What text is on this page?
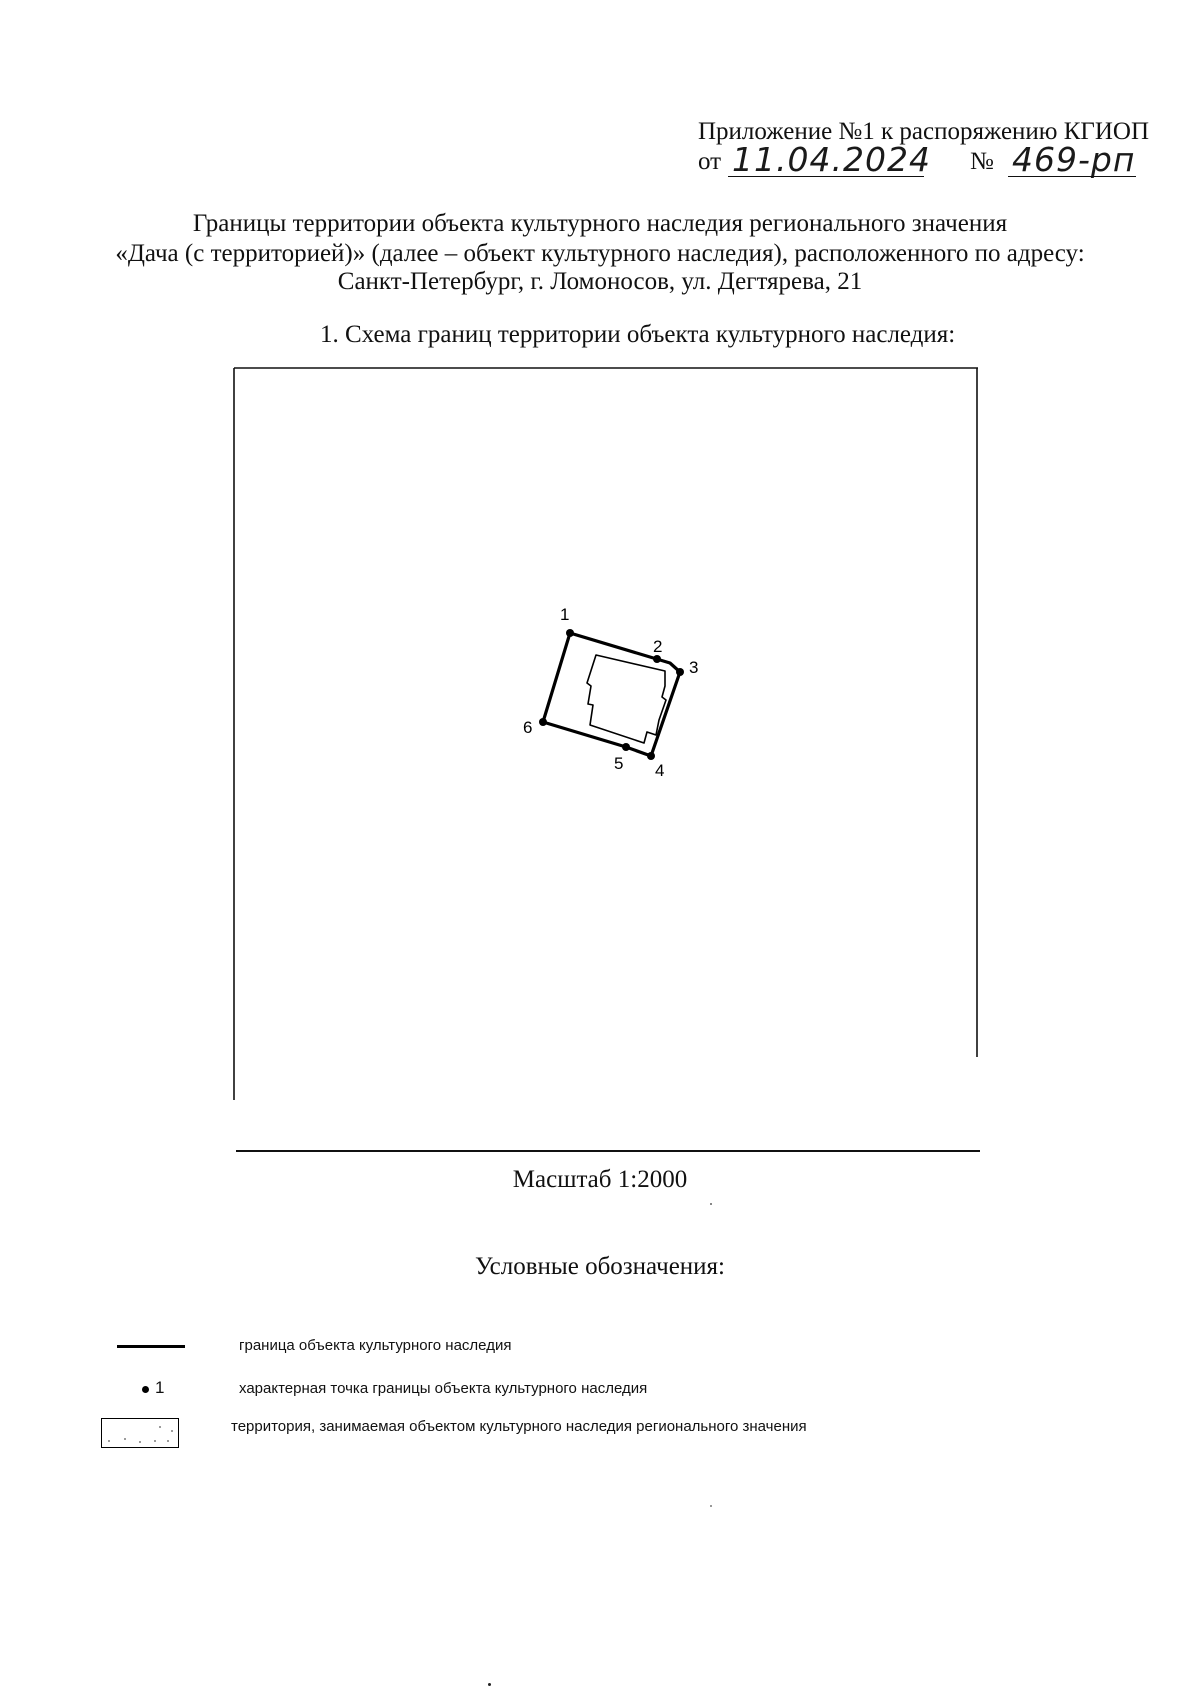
Приложение №1 к распоряжению КГИОП
от 11.04.2024 № 469-рп
Границы территории объекта культурного наследия регионального значения
«Дача (с территорией)» (далее – объект культурного наследия), расположенного по адресу:
Санкт-Петербург, г. Ломоносов, ул. Дегтярева, 21
1. Схема границ территории объекта культурного наследия:
1
2
3
4
5
6
Масштаб 1:2000
Условные обозначения:
граница объекта культурного наследия
1	характерная точка границы объекта культурного наследия
территория, занимаемая объектом культурного наследия регионального значения
